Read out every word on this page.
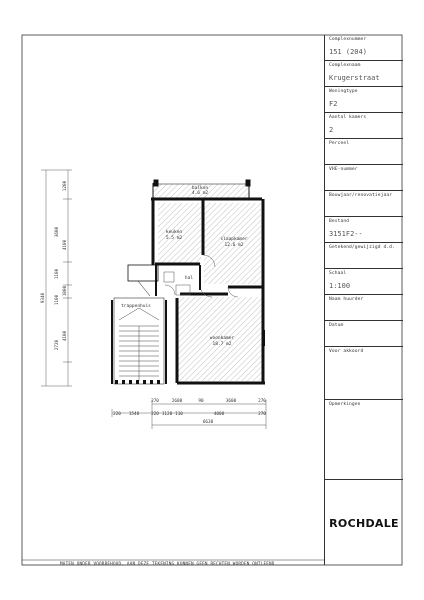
balkon
4.6 m2
slaapkamer
12.6 m2
keuken
5.5 m2
hal
woonkamer
18.7 m2
trappenhuis
9340
1200
3600
4100
1100
1000
2720
4100
1100
270	2600	90	3600	270
220 1540	220 1120 110	4000	270
6630
Complexnummer
151 (204)
Complexnaam
Krugerstraat
Woningtype
F2
Aantal kamers
2
Perceel
VHE-nummer
Bouwjaar/renovatiejaar
Bestand
3151F2--
Getekend/gewijzigd d.d.
Schaal
1:100
Naam huurder
Datum
Voor akkoord
Opmerkingen
ROCHDALE
MATEN ONDER VOORBEHOUD, AAN DEZE TEKENING KUNNEN GEEN RECHTEN WORDEN ONTLEEND
